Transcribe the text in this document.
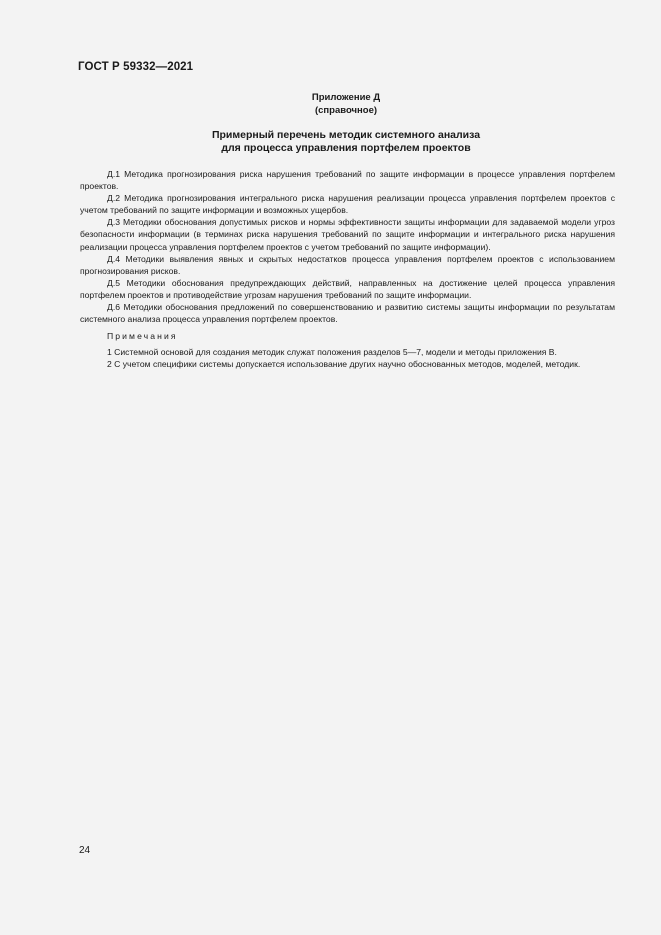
ГОСТ Р 59332—2021
Приложение Д
(справочное)
Примерный перечень методик системного анализа
для процесса управления портфелем проектов

Д.1 Методика прогнозирования риска нарушения требований по защите информации в процессе управления портфелем проектов.

Д.2 Методика прогнозирования интегрального риска нарушения реализации процесса управления портфелем проектов с учетом требований по защите информации и возможных ущербов.

Д.3 Методики обоснования допустимых рисков и нормы эффективности защиты информации для задаваемой модели угроз безопасности информации (в терминах риска нарушения требований по защите информации и интегрального риска нарушения реализации процесса управления портфелем проектов с учетом требований по защите информации).

Д.4 Методики выявления явных и скрытых недостатков процесса управления портфелем проектов с использованием прогнозирования рисков.

Д.5 Методики обоснования предупреждающих действий, направленных на достижение целей процесса управления портфелем проектов и противодействие угрозам нарушения требований по защите информации.

Д.6 Методики обоснования предложений по совершенствованию и развитию системы защиты информации по результатам системного анализа процесса управления портфелем проектов.

Примечания

1 Системной основой для создания методик служат положения разделов 5—7, модели и методы приложения В.

2 С учетом специфики системы допускается использование других научно обоснованных методов, моделей, методик.

24
